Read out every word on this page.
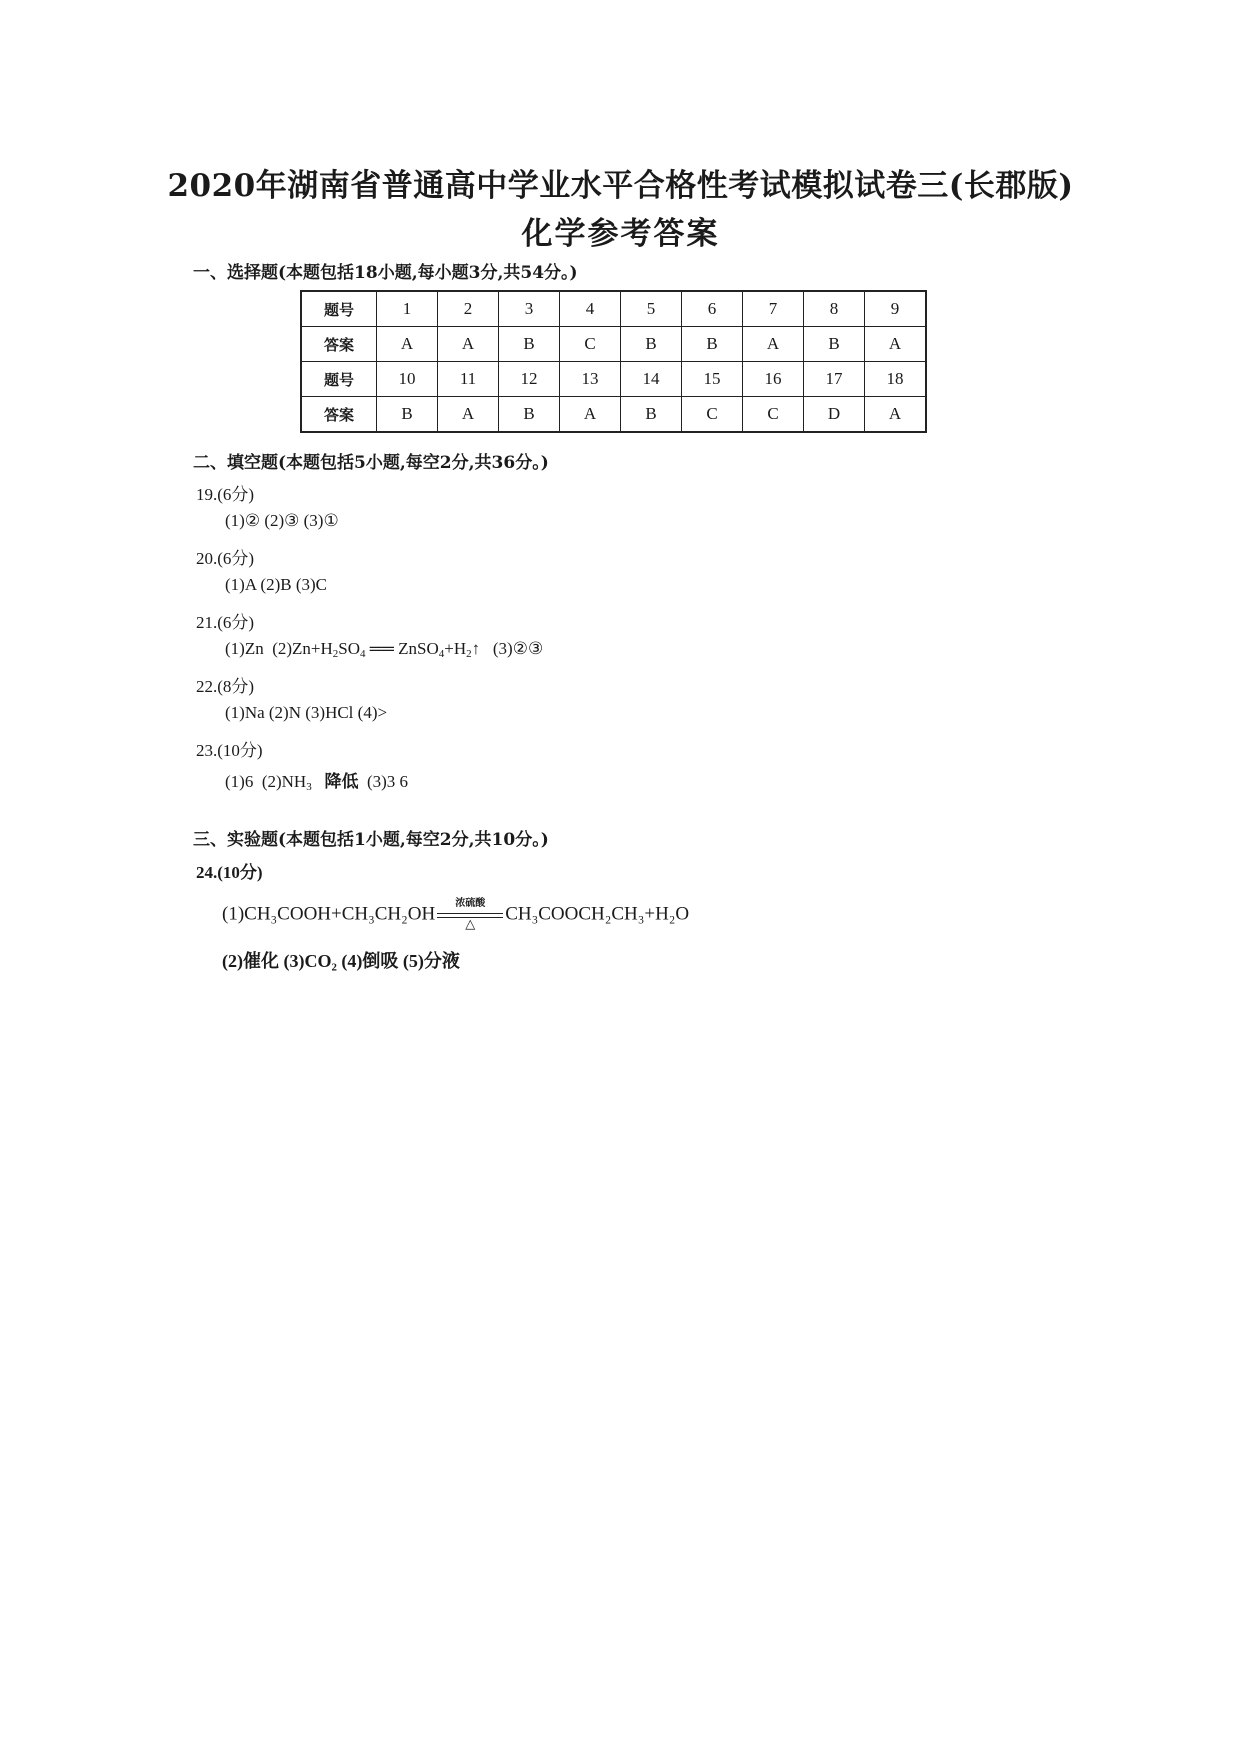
2020年湖南省普通高中学业水平合格性考试模拟试卷三(长郡版)
化学参考答案
一、选择题(本题包括18小题,每小题3分,共54分。)
题号	1	2	3	4	5	6	7	8	9
答案	A	A	B	C	B	B	A	B	A
题号	10	11	12	13	14	15	16	17	18
答案	B	A	B	A	B	C	C	D	A
二、填空题(本题包括5小题,每空2分,共36分。)
19.(6分)
(1)② (2)③ (3)①
20.(6分)
(1)A (2)B (3)C
21.(6分)
(1)Zn $(2)Zn+H_2SO_4$ ══ $ZnSO_4+H_2↑$ (3)②③
22.(8分)
(1)Na (2)N (3)HCl (4)>
23.(10分)
(1)6 $(2)NH_3$ 降低 (3)3 6
三、实验题(本题包括1小题,每空2分,共10分。)
24.(10分)
(1)CH₃COOH+CH₃CH₂OH	浓硫酸
△	CH₃COOCH₂CH₃+H₂O
(2)催化 (3)CO₂ (4)倒吸 (5)分液
